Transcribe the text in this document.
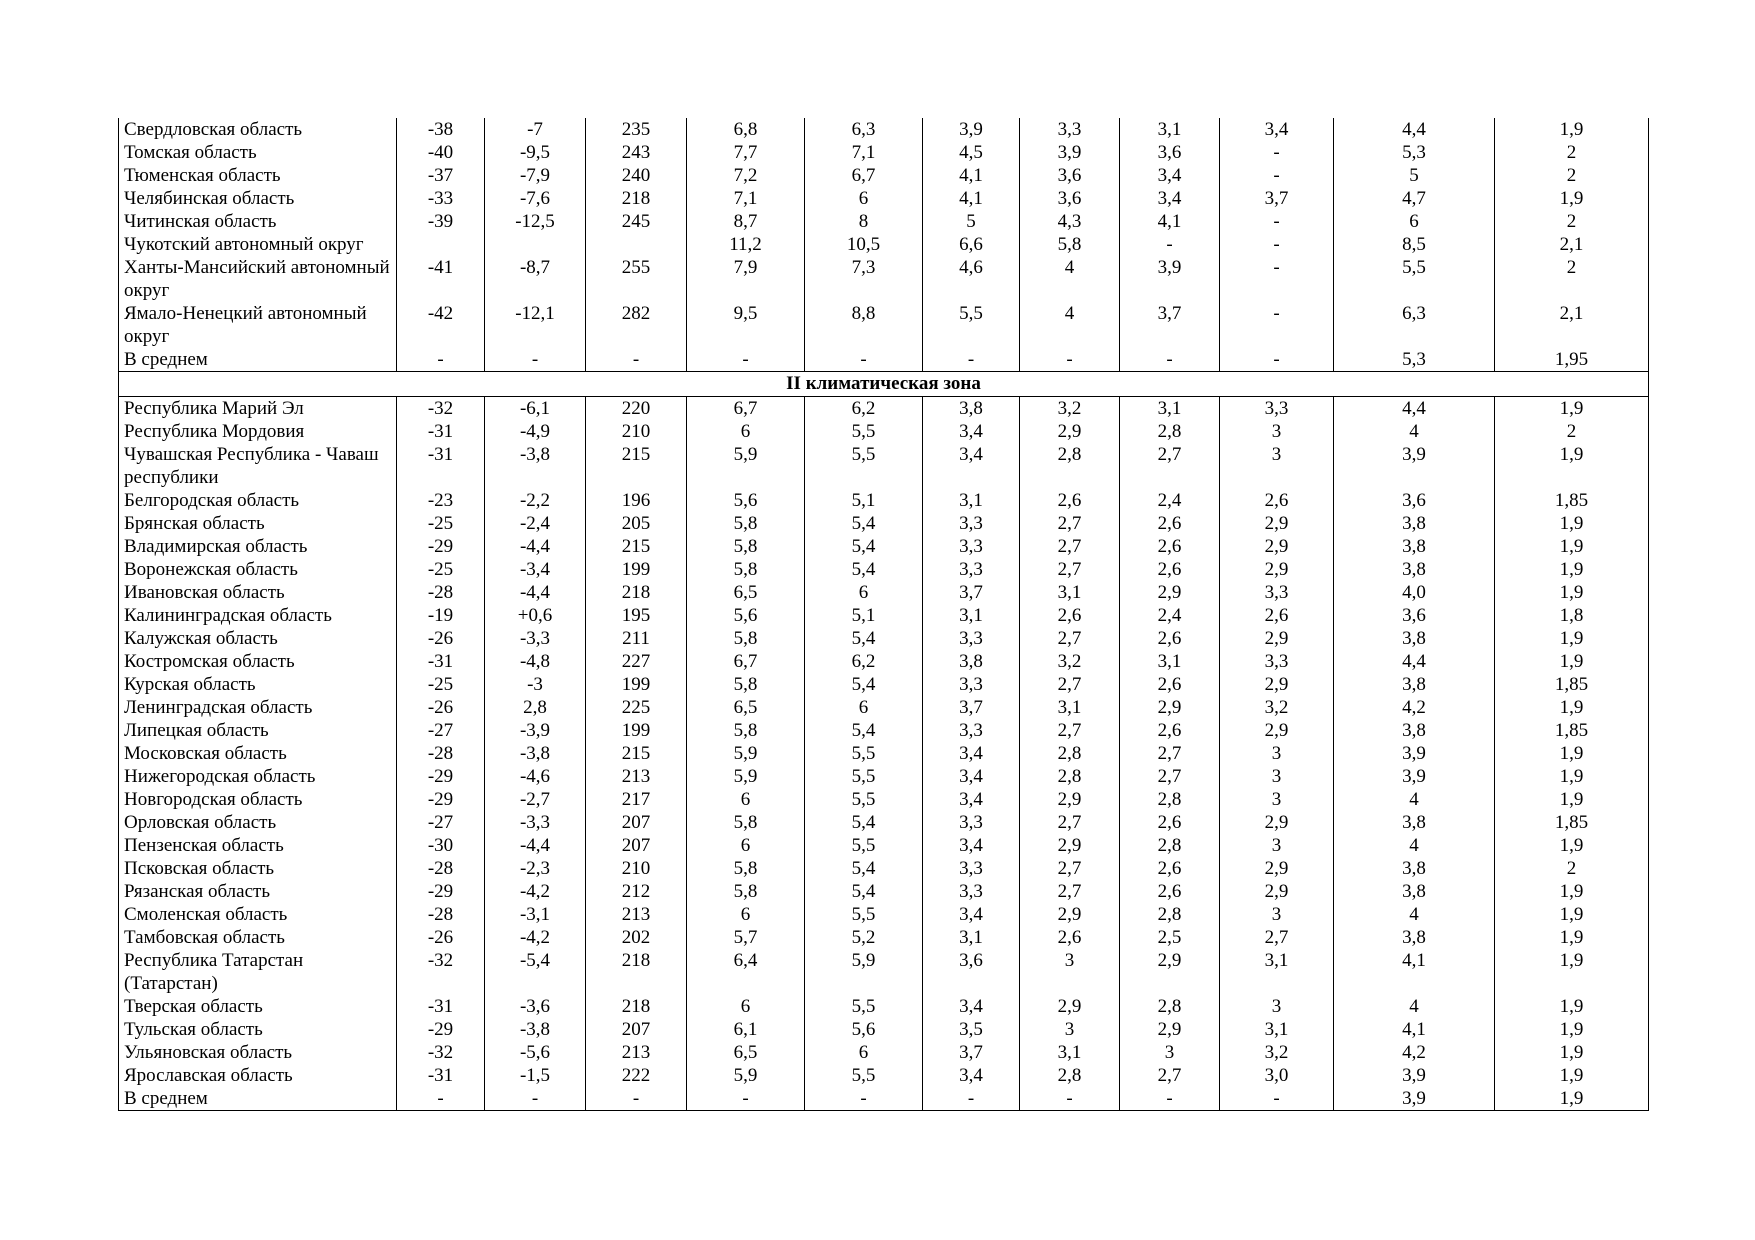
Свердловская область	-38	-7	235	6,8	6,3	3,9	3,3	3,1	3,4	4,4	1,9
Томская область	-40	-9,5	243	7,7	7,1	4,5	3,9	3,6	-	5,3	2
Тюменская область	-37	-7,9	240	7,2	6,7	4,1	3,6	3,4	-	5	2
Челябинская область	-33	-7,6	218	7,1	6	4,1	3,6	3,4	3,7	4,7	1,9
Читинская область	-39	-12,5	245	8,7	8	5	4,3	4,1	-	6	2
Чукотский автономный округ				11,2	10,5	6,6	5,8	-	-	8,5	2,1
Ханты-Мансийский автономный округ	-41	-8,7	255	7,9	7,3	4,6	4	3,9	-	5,5	2
Ямало-Ненецкий автономный округ	-42	-12,1	282	9,5	8,8	5,5	4	3,7	-	6,3	2,1
В среднем	-	-	-	-	-	-	-	-	-	5,3	1,95
II климатическая зона											
Республика Марий Эл	-32	-6,1	220	6,7	6,2	3,8	3,2	3,1	3,3	4,4	1,9
Республика Мордовия	-31	-4,9	210	6	5,5	3,4	2,9	2,8	3	4	2
Чувашская Республика - Чаваш республики	-31	-3,8	215	5,9	5,5	3,4	2,8	2,7	3	3,9	1,9
Белгородская область	-23	-2,2	196	5,6	5,1	3,1	2,6	2,4	2,6	3,6	1,85
Брянская область	-25	-2,4	205	5,8	5,4	3,3	2,7	2,6	2,9	3,8	1,9
Владимирская область	-29	-4,4	215	5,8	5,4	3,3	2,7	2,6	2,9	3,8	1,9
Воронежская область	-25	-3,4	199	5,8	5,4	3,3	2,7	2,6	2,9	3,8	1,9
Ивановская область	-28	-4,4	218	6,5	6	3,7	3,1	2,9	3,3	4,0	1,9
Калининградская область	-19	+0,6	195	5,6	5,1	3,1	2,6	2,4	2,6	3,6	1,8
Калужская область	-26	-3,3	211	5,8	5,4	3,3	2,7	2,6	2,9	3,8	1,9
Костромская область	-31	-4,8	227	6,7	6,2	3,8	3,2	3,1	3,3	4,4	1,9
Курская область	-25	-3	199	5,8	5,4	3,3	2,7	2,6	2,9	3,8	1,85
Ленинградская область	-26	2,8	225	6,5	6	3,7	3,1	2,9	3,2	4,2	1,9
Липецкая область	-27	-3,9	199	5,8	5,4	3,3	2,7	2,6	2,9	3,8	1,85
Московская область	-28	-3,8	215	5,9	5,5	3,4	2,8	2,7	3	3,9	1,9
Нижегородская область	-29	-4,6	213	5,9	5,5	3,4	2,8	2,7	3	3,9	1,9
Новгородская область	-29	-2,7	217	6	5,5	3,4	2,9	2,8	3	4	1,9
Орловская область	-27	-3,3	207	5,8	5,4	3,3	2,7	2,6	2,9	3,8	1,85
Пензенская область	-30	-4,4	207	6	5,5	3,4	2,9	2,8	3	4	1,9
Псковская область	-28	-2,3	210	5,8	5,4	3,3	2,7	2,6	2,9	3,8	2
Рязанская область	-29	-4,2	212	5,8	5,4	3,3	2,7	2,6	2,9	3,8	1,9
Смоленская область	-28	-3,1	213	6	5,5	3,4	2,9	2,8	3	4	1,9
Тамбовская область	-26	-4,2	202	5,7	5,2	3,1	2,6	2,5	2,7	3,8	1,9
Республика Татарстан (Татарстан)	-32	-5,4	218	6,4	5,9	3,6	3	2,9	3,1	4,1	1,9
Тверская область	-31	-3,6	218	6	5,5	3,4	2,9	2,8	3	4	1,9
Тульская область	-29	-3,8	207	6,1	5,6	3,5	3	2,9	3,1	4,1	1,9
Ульяновская область	-32	-5,6	213	6,5	6	3,7	3,1	3	3,2	4,2	1,9
Ярославская область	-31	-1,5	222	5,9	5,5	3,4	2,8	2,7	3,0	3,9	1,9
В среднем	-	-	-	-	-	-	-	-	-	3,9	1,9
